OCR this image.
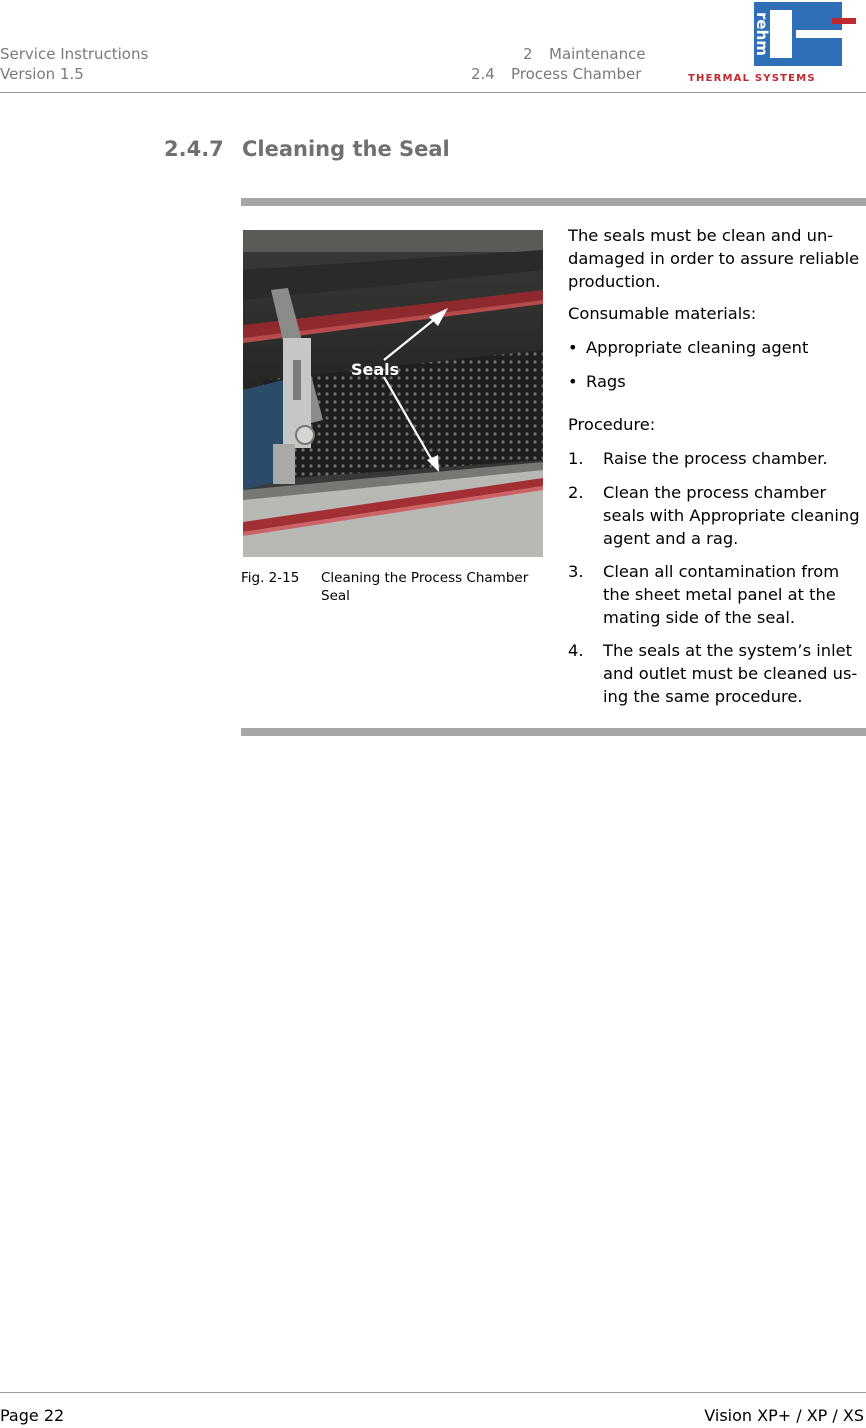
Service Instructions
Version 1.5
2 Maintenance
2.4 Process Chamber
rehm
THERMAL SYSTEMS
2.4.7 Cleaning the Seal
Seals
Fig. 2-15 Cleaning the Process Chamber Seal

The seals must be clean and un-damaged in order to assure reliable production.

Consumable materials:

• Appropriate cleaning agent
• Rags

Procedure:

1.	Raise the process chamber.
2.	Clean the process chamber seals with Appropriate cleaning agent and a rag.
3.	Clean all contamination from the sheet metal panel at the mating side of the seal.
4.	The seals at the system’s inlet and outlet must be cleaned us-ing the same procedure.
Page 22	Vision XP+ / XP / XS
